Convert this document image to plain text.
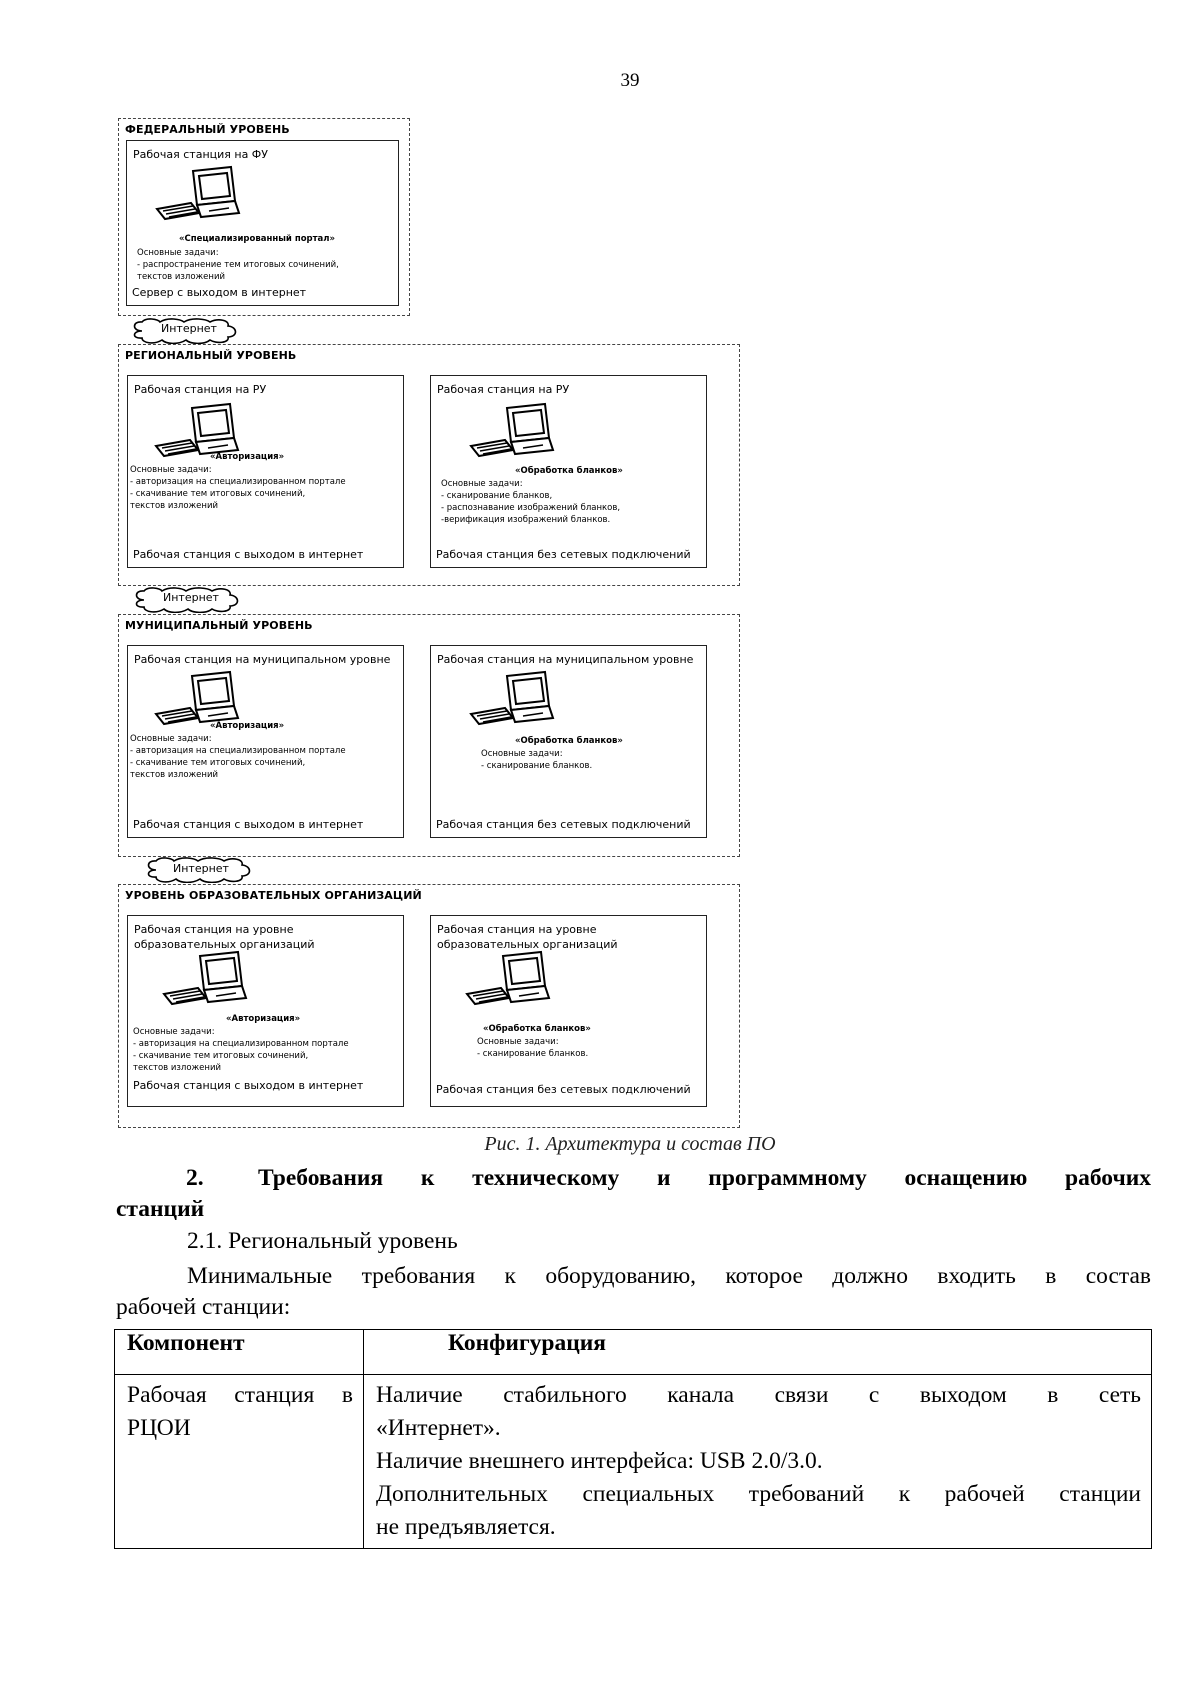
39
ФЕДЕРАЛЬНЫЙ УРОВЕНЬ
Рабочая станция на ФУ
«Специализированный портал»
Основные задачи:
- распространение тем итоговых сочинений,
текстов изложений
Сервер с выходом в интернет
Интернет
РЕГИОНАЛЬНЫЙ УРОВЕНЬ
Рабочая станция на РУ
«Авторизация»
Основные задачи:
- авторизация на специализированном портале
- скачивание тем итоговых сочинений,
текстов изложений
Рабочая станция с выходом в интернет
Рабочая станция на РУ
«Обработка бланков»
Основные задачи:
- сканирование бланков,
- распознавание изображений бланков,
-верификация изображений бланков.
Рабочая станция без сетевых подключений
Интернет
МУНИЦИПАЛЬНЫЙ УРОВЕНЬ
Рабочая станция на муниципальном уровне
«Авторизация»
Основные задачи:
- авторизация на специализированном портале
- скачивание тем итоговых сочинений,
текстов изложений
Рабочая станция с выходом в интернет
Рабочая станция на муниципальном уровне
«Обработка бланков»
Основные задачи:
- сканирование бланков.
Рабочая станция без сетевых подключений
Интернет
УРОВЕНЬ ОБРАЗОВАТЕЛЬНЫХ ОРГАНИЗАЦИЙ
Рабочая станция на уровне
образовательных организаций
«Авторизация»
Основные задачи:
- авторизация на специализированном портале
- скачивание тем итоговых сочинений,
текстов изложений
Рабочая станция с выходом в интернет
Рабочая станция на уровне
образовательных организаций
«Обработка бланков»
Основные задачи:
- сканирование бланков.
Рабочая станция без сетевых подключений
Рис. 1. Архитектура и состав ПО
2. Требования к техническому и программному оснащению рабочих
станций
2.1. Региональный уровень
Минимальные требования к оборудованию, которое должно входить в состав
рабочей станции:
Компонент	Конфигурация

Рабочая станция в
РЦОИ	Наличие стабильного канала связи с выходом в сеть
«Интернет».
Наличие внешнего интерфейса: USB 2.0/3.0.
Дополнительных специальных требований к рабочей станции
не предъявляется.
